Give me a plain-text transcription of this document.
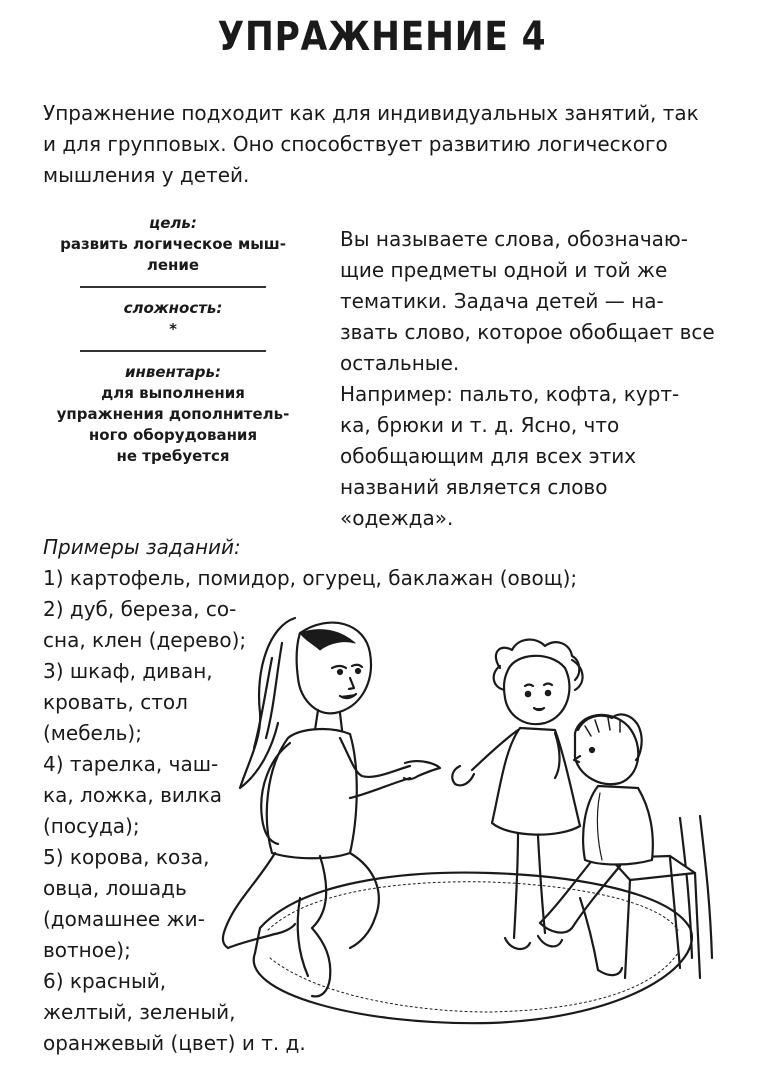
УПРАЖНЕНИЕ 4
Упражнение подходит как для индивидуальных занятий, так
и для групповых. Оно способствует развитию логического
мышления у детей.
цель:
развить логическое мыш-
ление
сложность:
*
инвентарь:
для выполнения
упражнения дополнитель-
ного оборудования
не требуется
Вы называете слова, обозначаю-
щие предметы одной и той же
тематики. Задача детей — на-
звать слово, которое обобщает все
остальные.
Например: пальто, кофта, курт-
ка, брюки и т. д. Ясно, что
обобщающим для всех этих
названий является слово
«одежда».
Примеры заданий:
1) картофель, помидор, огурец, баклажан (овощ);
2) дуб, береза, со-
сна, клен (дерево);
3) шкаф, диван,
кровать, стол
(мебель);
4) тарелка, чаш-
ка, ложка, вилка
(посуда);
5) корова, коза,
овца, лошадь
(домашнее жи-
вотное);
6) красный,
желтый, зеленый,
оранжевый (цвет) и т. д.
